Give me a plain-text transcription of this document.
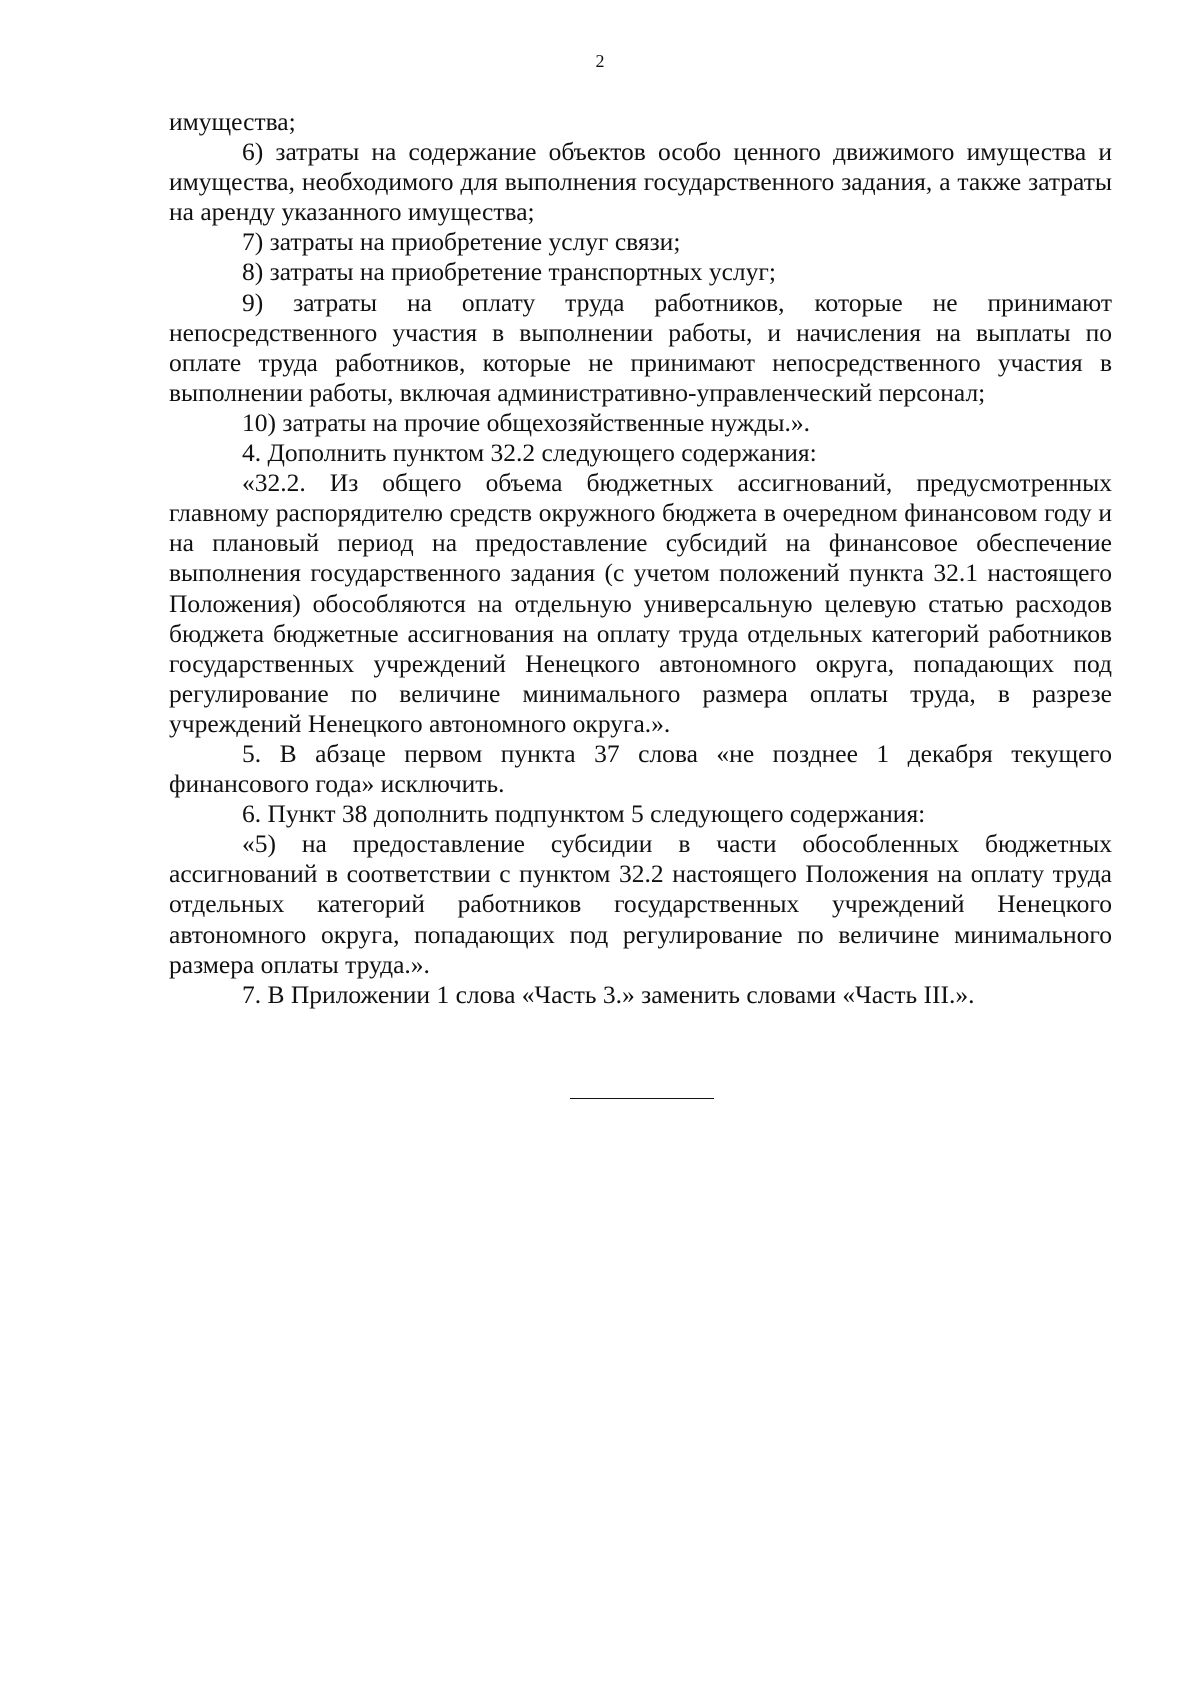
2

имущества;

6) затраты на содержание объектов особо ценного движимого имущества и имущества, необходимого для выполнения государственного задания, а также затраты на аренду указанного имущества;

7) затраты на приобретение услуг связи;

8) затраты на приобретение транспортных услуг;

9) затраты на оплату труда работников, которые не принимают непосредственного участия в выполнении работы, и начисления на выплаты по оплате труда работников, которые не принимают непосредственного участия в выполнении работы, включая административно-управленческий персонал;

10) затраты на прочие общехозяйственные нужды.».

4. Дополнить пунктом 32.2 следующего содержания:

«32.2. Из общего объема бюджетных ассигнований, предусмотренных главному распорядителю средств окружного бюджета в очередном финансовом году и на плановый период на предоставление субсидий на финансовое обеспечение выполнения государственного задания (с учетом положений пункта 32.1 настоящего Положения) обособляются на отдельную универсальную целевую статью расходов бюджета бюджетные ассигнования на оплату труда отдельных категорий работников государственных учреждений Ненецкого автономного округа, попадающих под регулирование по величине минимального размера оплаты труда, в разрезе учреждений Ненецкого автономного округа.».

5. В абзаце первом пункта 37 слова «не позднее 1 декабря текущего финансового года» исключить.

6. Пункт 38 дополнить подпунктом 5 следующего содержания:

«5) на предоставление субсидии в части обособленных бюджетных ассигнований в соответствии с пунктом 32.2 настоящего Положения на оплату труда отдельных категорий работников государственных учреждений Ненецкого автономного округа, попадающих под регулирование по величине минимального размера оплаты труда.».

7. В Приложении 1 слова «Часть 3.» заменить словами «Часть III.».
